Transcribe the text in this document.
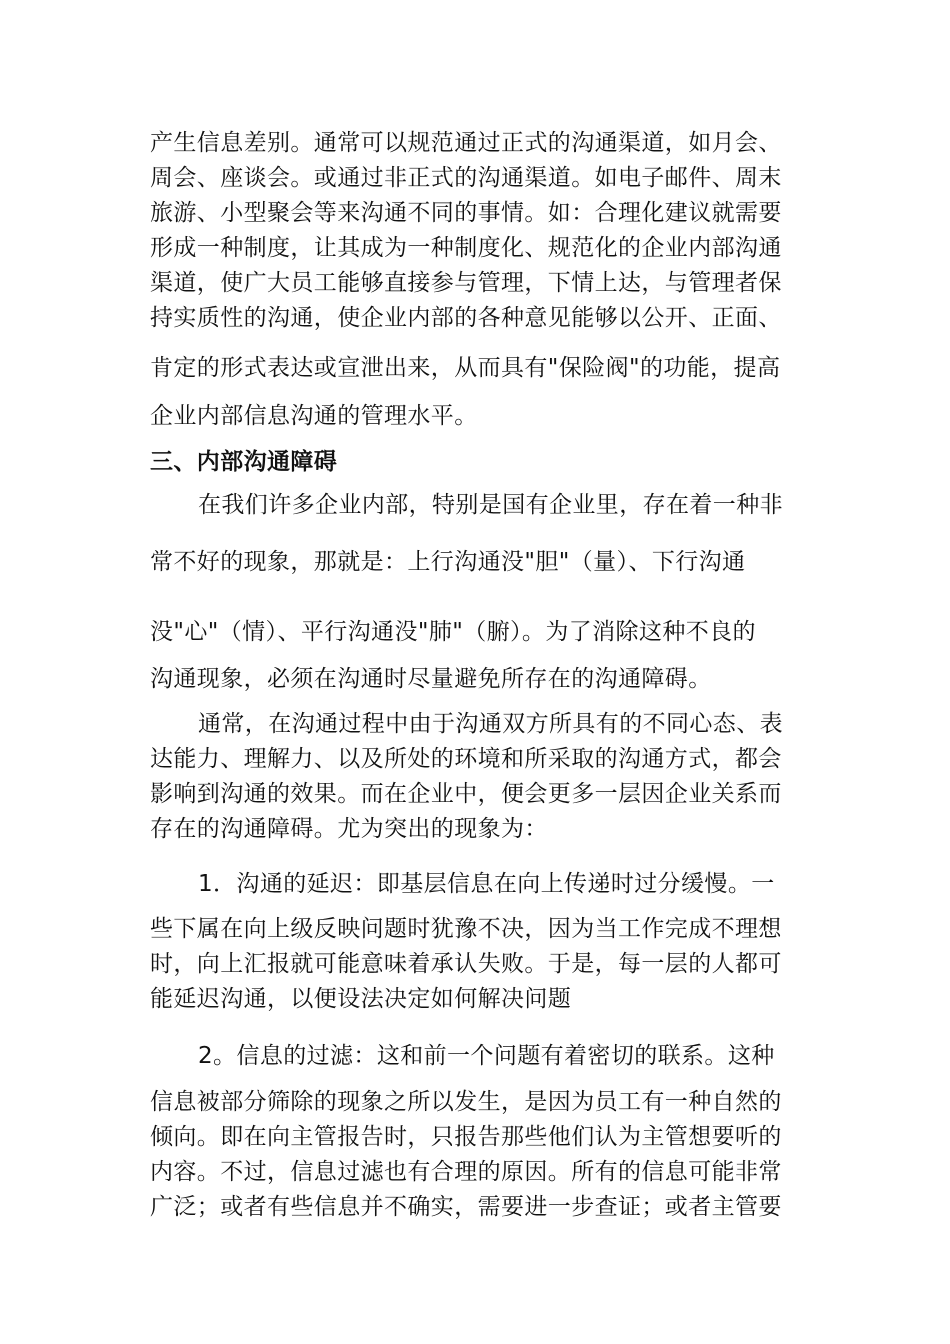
产生信息差别。通常可以规范通过正式的沟通渠道，如月会、
周会、座谈会。或通过非正式的沟通渠道。如电子邮件、周末
旅游、小型聚会等来沟通不同的事情。如：合理化建议就需要
形成一种制度，让其成为一种制度化、规范化的企业内部沟通
渠道，使广大员工能够直接参与管理，下情上达，与管理者保
持实质性的沟通，使企业内部的各种意见能够以公开、正面、
肯定的形式表达或宣泄出来，从而具有"保险阀"的功能，提高
企业内部信息沟通的管理水平。
三、内部沟通障碍
在我们许多企业内部，特别是国有企业里，存在着一种非
常不好的现象，那就是：上行沟通没"胆"（量）、下行沟通
没"心"（情）、平行沟通没"肺"（腑）。为了消除这种不良的
沟通现象，必须在沟通时尽量避免所存在的沟通障碍。
通常，在沟通过程中由于沟通双方所具有的不同心态、表
达能力、理解力、以及所处的环境和所采取的沟通方式，都会
影响到沟通的效果。而在企业中，便会更多一层因企业关系而
存在的沟通障碍。尤为突出的现象为：
1．沟通的延迟：即基层信息在向上传递时过分缓慢。一
些下属在向上级反映问题时犹豫不决，因为当工作完成不理想
时，向上汇报就可能意味着承认失败。于是，每一层的人都可
能延迟沟通，以便设法决定如何解决问题
2。信息的过滤：这和前一个问题有着密切的联系。这种
信息被部分筛除的现象之所以发生，是因为员工有一种自然的
倾向。即在向主管报告时，只报告那些他们认为主管想要听的
内容。不过，信息过滤也有合理的原因。所有的信息可能非常
广泛；或者有些信息并不确实，需要进一步查证；或者主管要
